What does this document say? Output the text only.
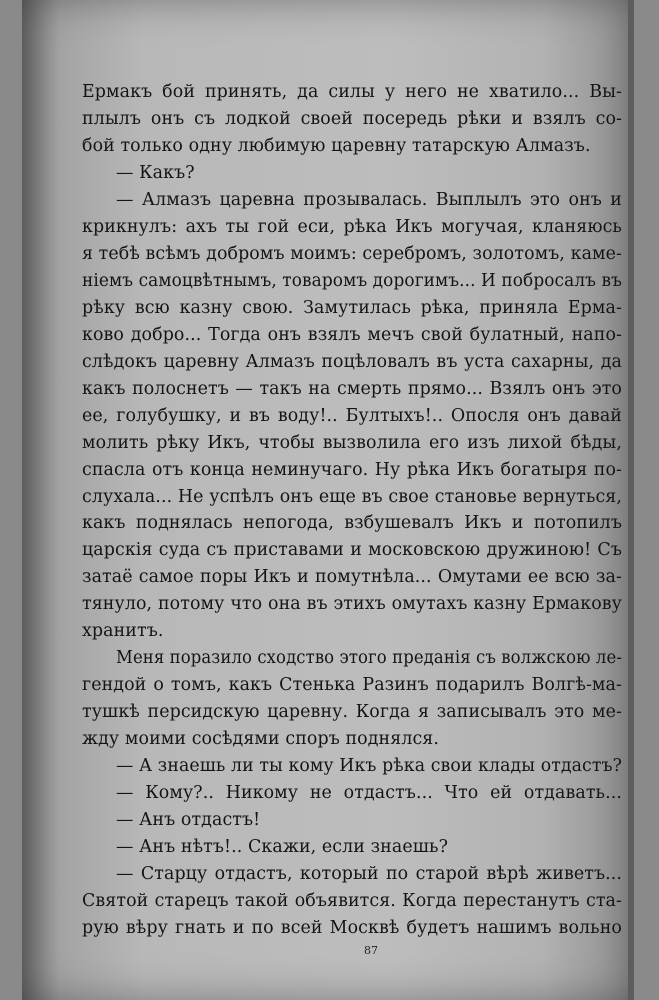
Ермакъ бой принять, да силы у него не хватило... Вы-
плылъ онъ съ лодкой своей посередь рѣки и взялъ со-
бой только одну любимую царевну татарскую Алмазъ.
— Какъ?
— Алмазъ царевна прозывалась. Выплылъ это онъ и
крикнулъ: ахъ ты гой еси, рѣка Икъ могучая, кланяюсь
я тебѣ всѣмъ добромъ моимъ: серебромъ, золотомъ, каме-
ніемъ самоцвѣтнымъ, товаромъ дорогимъ... И побросалъ въ
рѣку всю казну свою. Замутилась рѣка, приняла Ерма-
ково добро... Тогда онъ взялъ мечъ свой булатный, напо-
слѣдокъ царевну Алмазъ поцѣловалъ въ уста сахарны, да
какъ полоснетъ — такъ на смерть прямо... Взялъ онъ это
ее, голубушку, и въ воду!.. Бултыхъ!.. Опосля онъ давай
молить рѣку Икъ, чтобы вызволила его изъ лихой бѣды,
спасла отъ конца неминучаго. Ну рѣка Икъ богатыря по-
слухала... Не успѣлъ онъ еще въ свое становье вернуться,
какъ поднялась непогода, взбушевалъ Икъ и потопилъ
царскія суда съ приставами и московскою дружиною! Съ
затаё самое поры Икъ и помутнѣла... Омутами ее всю за-
тянуло, потому что она въ этихъ омутахъ казну Ермакову
хранитъ.
Меня поразило сходство этого преданія съ волжскою ле-
гендой о томъ, какъ Стенька Разинъ подарилъ Волгѣ-ма-
тушкѣ персидскую царевну. Когда я записывалъ это ме-
жду моими сосѣдями споръ поднялся.
— А знаешь ли ты кому Икъ рѣка свои клады отдастъ?
— Кому?.. Никому не отдастъ... Что ей отдавать...
— Анъ отдастъ!
— Анъ нѣтъ!.. Скажи, если знаешь?
— Старцу отдастъ, который по старой вѣрѣ живетъ...
Святой старецъ такой объявится. Когда перестанутъ ста-
рую вѣру гнать и по всей Москвѣ будетъ нашимъ вольно
87
